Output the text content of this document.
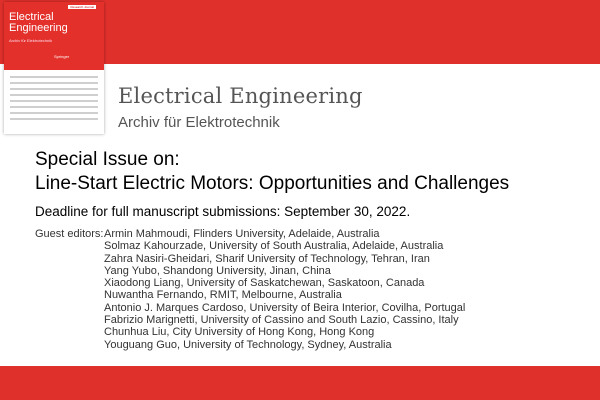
Research Journal
Electrical
Engineering
Archiv für Elektrotechnik
Springer
Electrical Engineering
Archiv für Elektrotechnik
Special Issue on:
Line-Start Electric Motors: Opportunities and Challenges
Deadline for full manuscript submissions: September 30, 2022.
Guest editors: Armin Mahmoudi, Flinders University, Adelaide, Australia
Solmaz Kahourzade, University of South Australia, Adelaide, Australia
Zahra Nasiri-Gheidari, Sharif University of Technology, Tehran, Iran
Yang Yubo, Shandong University, Jinan, China
Xiaodong Liang, University of Saskatchewan, Saskatoon, Canada
Nuwantha Fernando, RMIT, Melbourne, Australia
Antonio J. Marques Cardoso, University of Beira Interior, Covilha, Portugal
Fabrizio Marignetti, University of Cassino and South Lazio, Cassino, Italy
Chunhua Liu, City University of Hong Kong, Hong Kong
Youguang Guo, University of Technology, Sydney, Australia
